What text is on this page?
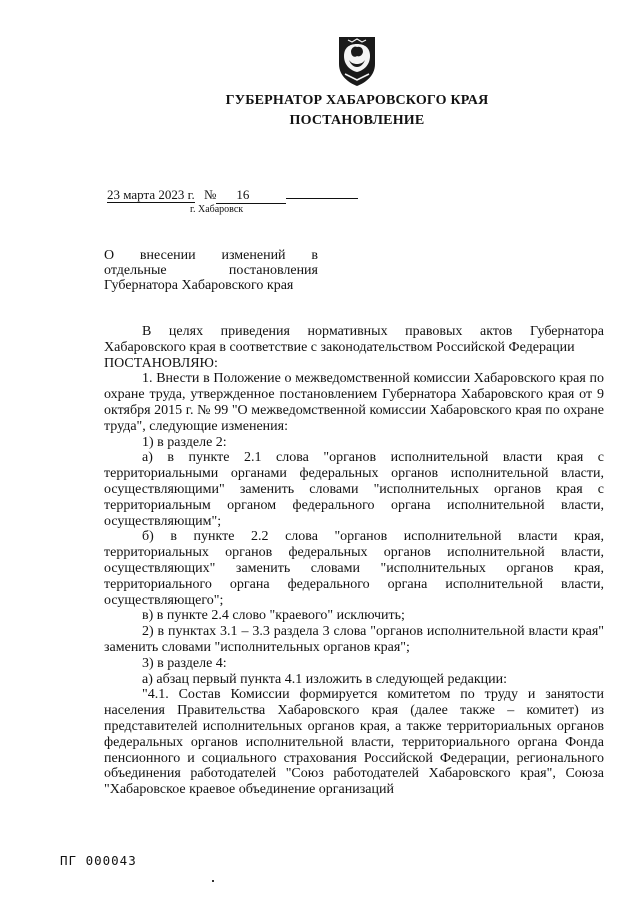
ГУБЕРНАТОР ХАБАРОВСКОГО КРАЯ
ПОСТАНОВЛЕНИЕ
23 марта 2023 г. № 16
г. Хабаровск
О внесении изменений в
отдельные	постановления
Губернатора Хабаровского края

В целях приведения нормативных правовых актов Губернатора Хабаровского края в соответствие с законодательством Российской Федерации

ПОСТАНОВЛЯЮ:

1. Внести в Положение о межведомственной комиссии Хабаровского края по охране труда, утвержденное постановлением Губернатора Хабаровского края от 9 октября 2015 г. № 99 "О межведомственной комиссии Хабаровского края по охране труда", следующие изменения:

1) в разделе 2:

а) в пункте 2.1 слова "органов исполнительной власти края с территориальными органами федеральных органов исполнительной власти, осуществляющими" заменить словами "исполнительных органов края с территориальным органом федерального органа исполнительной власти, осуществляющим";

б) в пункте 2.2 слова "органов исполнительной власти края, территориальных органов федеральных органов исполнительной власти, осуществляющих" заменить словами "исполнительных органов края, территориального органа федерального органа исполнительной власти, осуществляющего";

в) в пункте 2.4 слово "краевого" исключить;

2) в пунктах 3.1 – 3.3 раздела 3 слова "органов исполнительной власти края" заменить словами "исполнительных органов края";

3) в разделе 4:

а) абзац первый пункта 4.1 изложить в следующей редакции:

"4.1. Состав Комиссии формируется комитетом по труду и занятости населения Правительства Хабаровского края (далее также – комитет) из представителей исполнительных органов края, а также территориальных органов федеральных органов исполнительной власти, территориального органа Фонда пенсионного и социального страхования Российской Федерации, регионального объединения работодателей "Союз работодателей Хабаровского края", Союза "Хабаровское краевое объединение организаций

ПГ 000043
